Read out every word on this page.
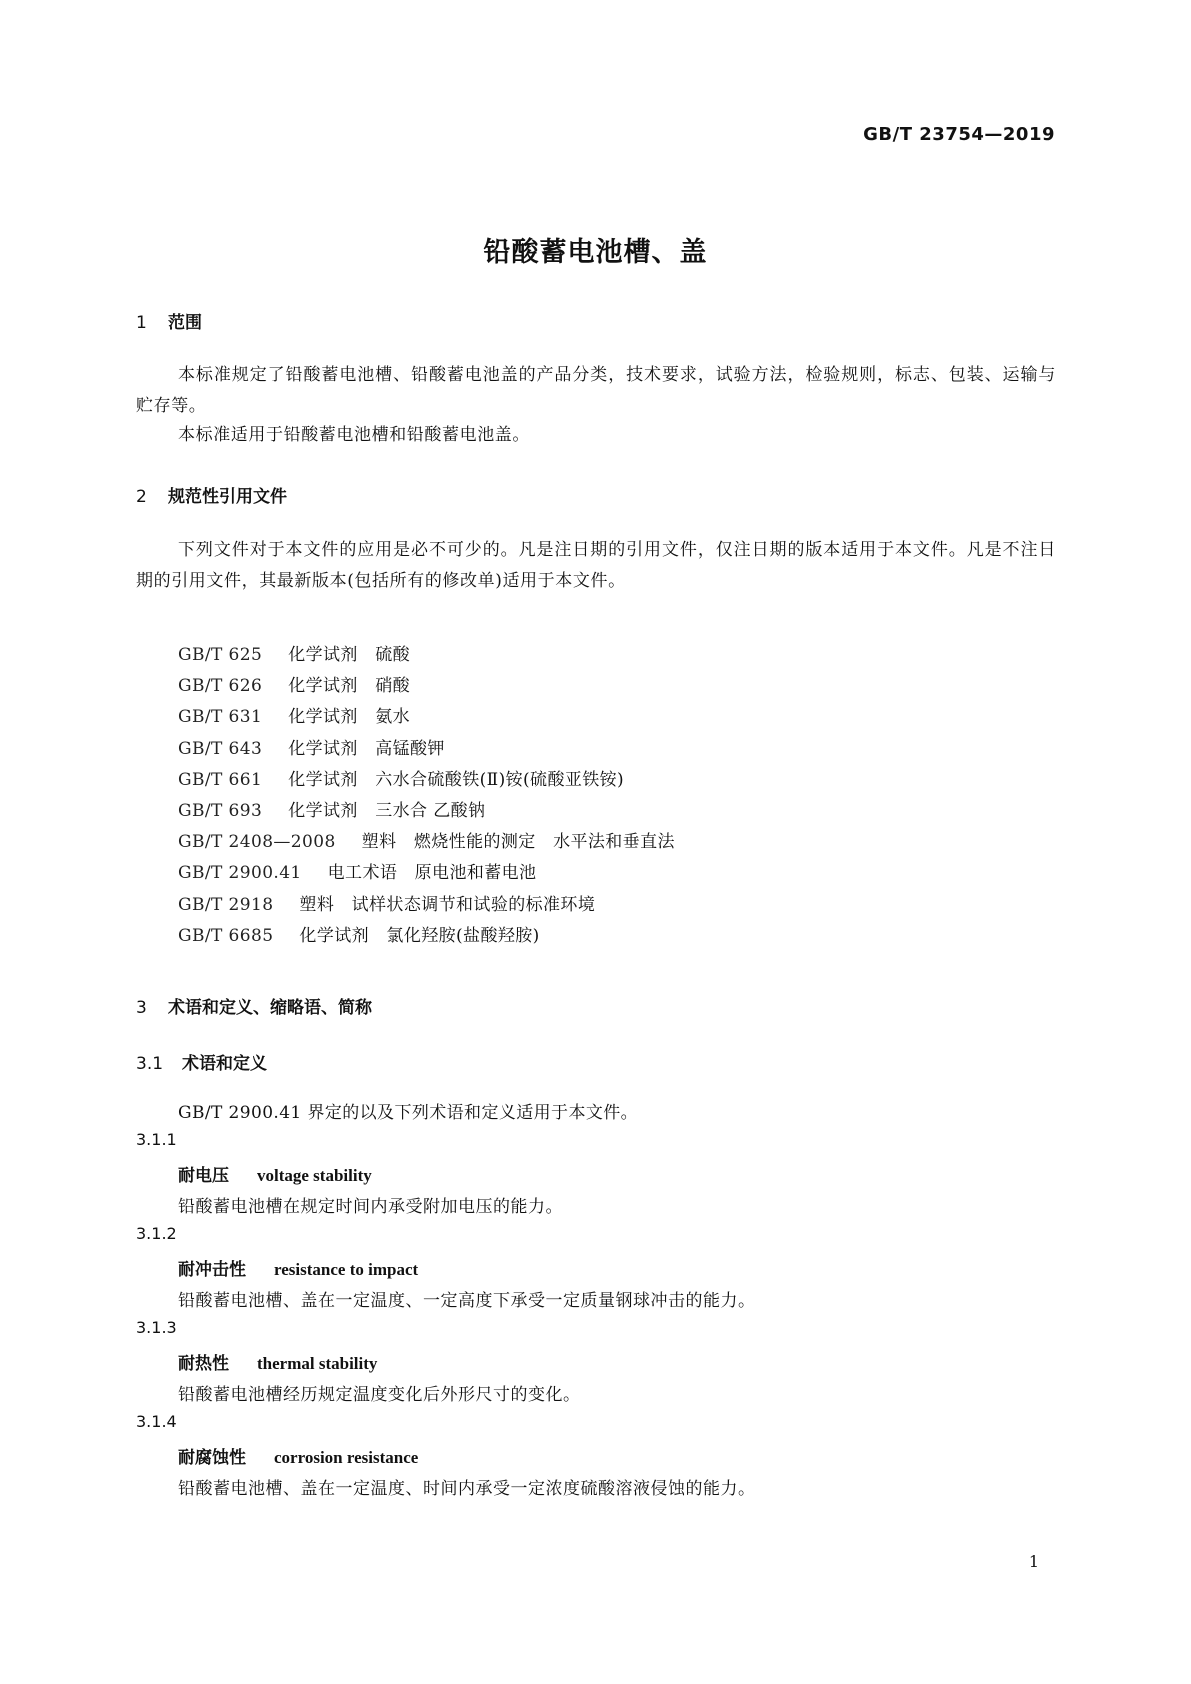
GB/T 23754—2019
铅酸蓄电池槽、盖
1 范围
本标准规定了铅酸蓄电池槽、铅酸蓄电池盖的产品分类，技术要求，试验方法，检验规则，标志、包装、运输与贮存等。
本标准适用于铅酸蓄电池槽和铅酸蓄电池盖。
2 规范性引用文件
下列文件对于本文件的应用是必不可少的。凡是注日期的引用文件，仅注日期的版本适用于本文件。凡是不注日期的引用文件，其最新版本(包括所有的修改单)适用于本文件。
GB/T 625 化学试剂　硫酸
GB/T 626 化学试剂　硝酸
GB/T 631 化学试剂　氨水
GB/T 643 化学试剂　高锰酸钾
GB/T 661 化学试剂　六水合硫酸铁(Ⅱ)铵(硫酸亚铁铵)
GB/T 693 化学试剂　三水合 乙酸钠
GB/T 2408—2008 塑料　燃烧性能的测定　水平法和垂直法
GB/T 2900.41 电工术语　原电池和蓄电池
GB/T 2918 塑料　试样状态调节和试验的标准环境
GB/T 6685 化学试剂　氯化羟胺(盐酸羟胺)
3 术语和定义、缩略语、简称
3.1 术语和定义
GB/T 2900.41 界定的以及下列术语和定义适用于本文件。
3.1.1
耐电压 voltage stability
铅酸蓄电池槽在规定时间内承受附加电压的能力。
3.1.2
耐冲击性 resistance to impact
铅酸蓄电池槽、盖在一定温度、一定高度下承受一定质量钢球冲击的能力。
3.1.3
耐热性 thermal stability
铅酸蓄电池槽经历规定温度变化后外形尺寸的变化。
3.1.4
耐腐蚀性 corrosion resistance
铅酸蓄电池槽、盖在一定温度、时间内承受一定浓度硫酸溶液侵蚀的能力。
1
